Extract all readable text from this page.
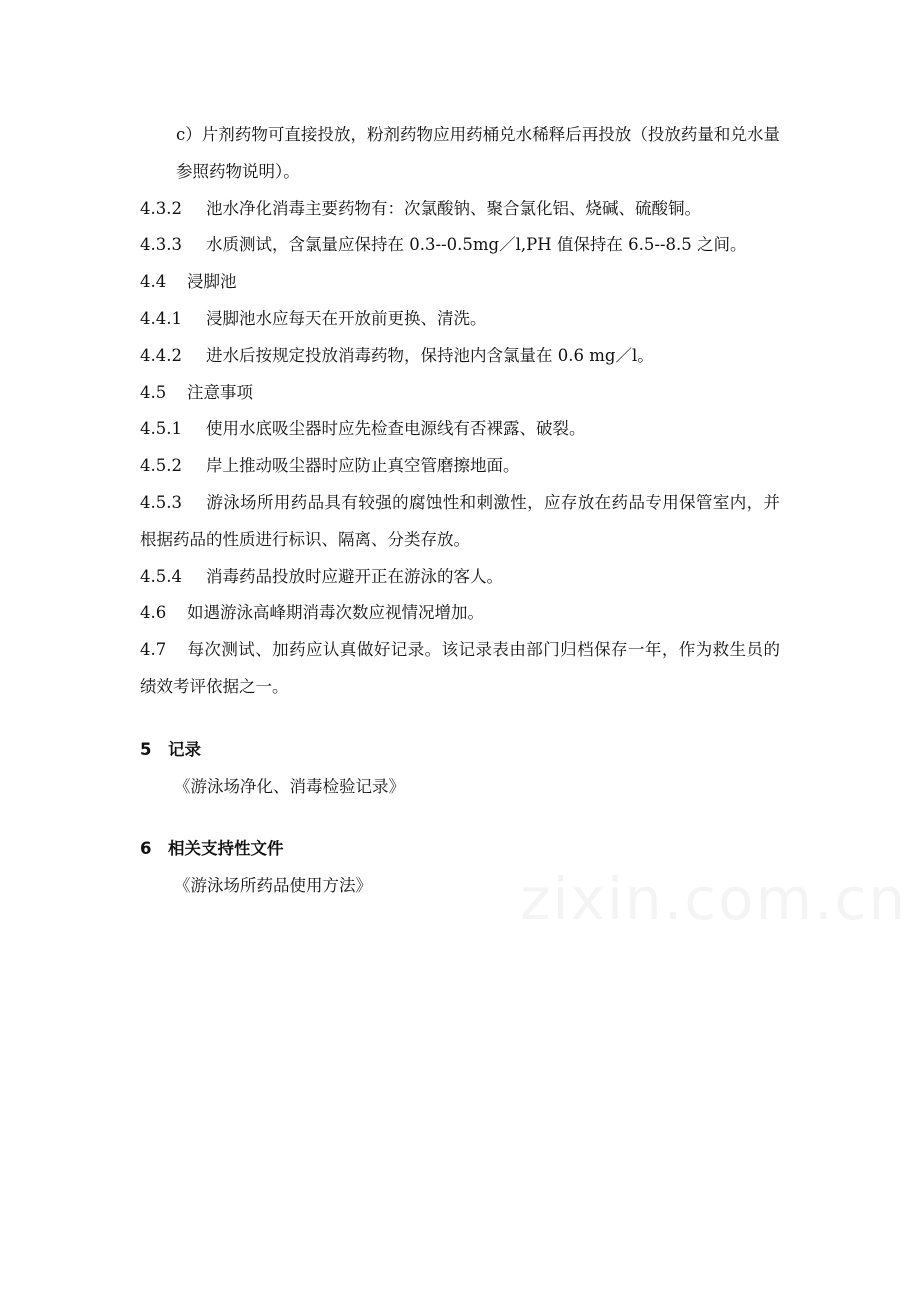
c）片剂药物可直接投放，粉剂药物应用药桶兑水稀释后再投放（投放药量和兑水量参照药物说明）。
4.3.2 池水净化消毒主要药物有：次氯酸钠、聚合氯化铝、烧碱、硫酸铜。
4.3.3 水质测试，含氯量应保持在 0.3--0.5mg／l,PH 值保持在 6.5--8.5 之间。
4.4 浸脚池
4.4.1 浸脚池水应每天在开放前更换、清洗。
4.4.2 进水后按规定投放消毒药物，保持池内含氯量在 0.6 mg／l。
4.5 注意事项
4.5.1 使用水底吸尘器时应先检查电源线有否裸露、破裂。
4.5.2 岸上推动吸尘器时应防止真空管磨擦地面。
4.5.3 游泳场所用药品具有较强的腐蚀性和刺激性，应存放在药品专用保管室内，并根据药品的性质进行标识、隔离、分类存放。
4.5.4 消毒药品投放时应避开正在游泳的客人。
4.6 如遇游泳高峰期消毒次数应视情况增加。
4.7 每次测试、加药应认真做好记录。该记录表由部门归档保存一年，作为救生员的绩效考评依据之一。
5 记录
《游泳场净化、消毒检验记录》
6 相关支持性文件
《游泳场所药品使用方法》
